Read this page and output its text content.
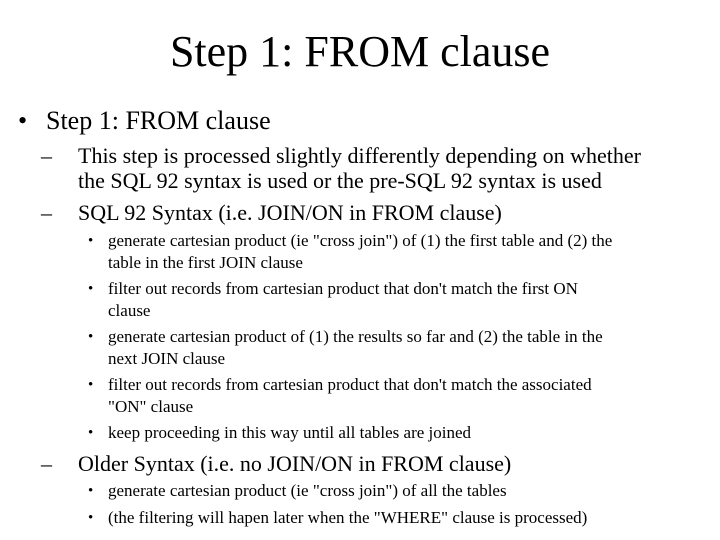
Step 1: FROM clause
• Step 1: FROM clause
–	This step is processed slightly differently depending on whether
the SQL 92 syntax is used or the pre-SQL 92 syntax is used
–	SQL 92 Syntax (i.e. JOIN/ON in FROM clause)
• generate cartesian product (ie "cross join") of (1) the first table and (2) the
table in the first JOIN clause
• filter out records from cartesian product that don't match the first ON
clause
• generate cartesian product of (1) the results so far and (2) the table in the
next JOIN clause
• filter out records from cartesian product that don't match the associated
"ON" clause
• keep proceeding in this way until all tables are joined
–	Older Syntax (i.e. no JOIN/ON in FROM clause)
• generate cartesian product (ie "cross join") of all the tables
• (the filtering will hapen later when the "WHERE" clause is processed)
